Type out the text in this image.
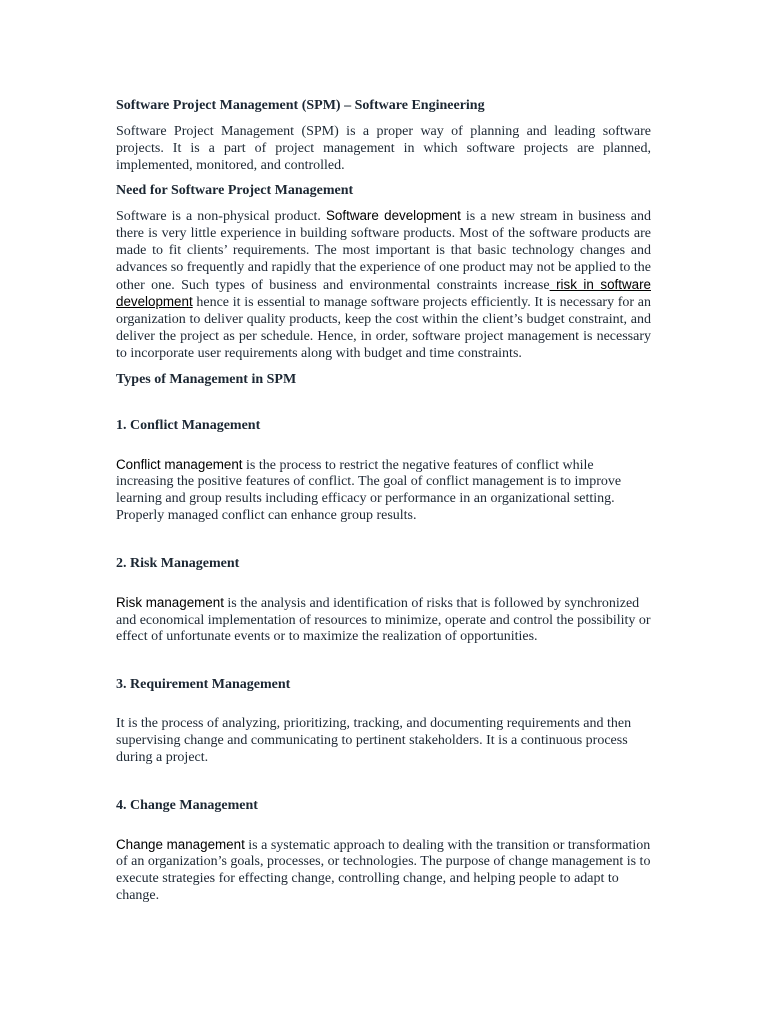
Software Project Management (SPM) – Software Engineering

Software Project Management (SPM) is a proper way of planning and leading software projects. It is a part of project management in which software projects are planned, implemented, monitored, and controlled.

Need for Software Project Management

Software is a non-physical product. Software development is a new stream in business and there is very little experience in building software products. Most of the software products are made to fit clients’ requirements. The most important is that basic technology changes and advances so frequently and rapidly that the experience of one product may not be applied to the other one. Such types of business and environmental constraints increase risk in software development hence it is essential to manage software projects efficiently. It is necessary for an organization to deliver quality products, keep the cost within the client’s budget constraint, and deliver the project as per schedule. Hence, in order, software project management is necessary to incorporate user requirements along with budget and time constraints.

Types of Management in SPM

1. Conflict Management

Conflict management is the process to restrict the negative features of conflict while increasing the positive features of conflict. The goal of conflict management is to improve learning and group results including efficacy or performance in an organizational setting. Properly managed conflict can enhance group results.

2. Risk Management

Risk management is the analysis and identification of risks that is followed by synchronized and economical implementation of resources to minimize, operate and control the possibility or effect of unfortunate events or to maximize the realization of opportunities.

3. Requirement Management

It is the process of analyzing, prioritizing, tracking, and documenting requirements and then supervising change and communicating to pertinent stakeholders. It is a continuous process during a project.

4. Change Management

Change management is a systematic approach to dealing with the transition or transformation of an organization’s goals, processes, or technologies. The purpose of change management is to execute strategies for effecting change, controlling change, and helping people to adapt to change.
